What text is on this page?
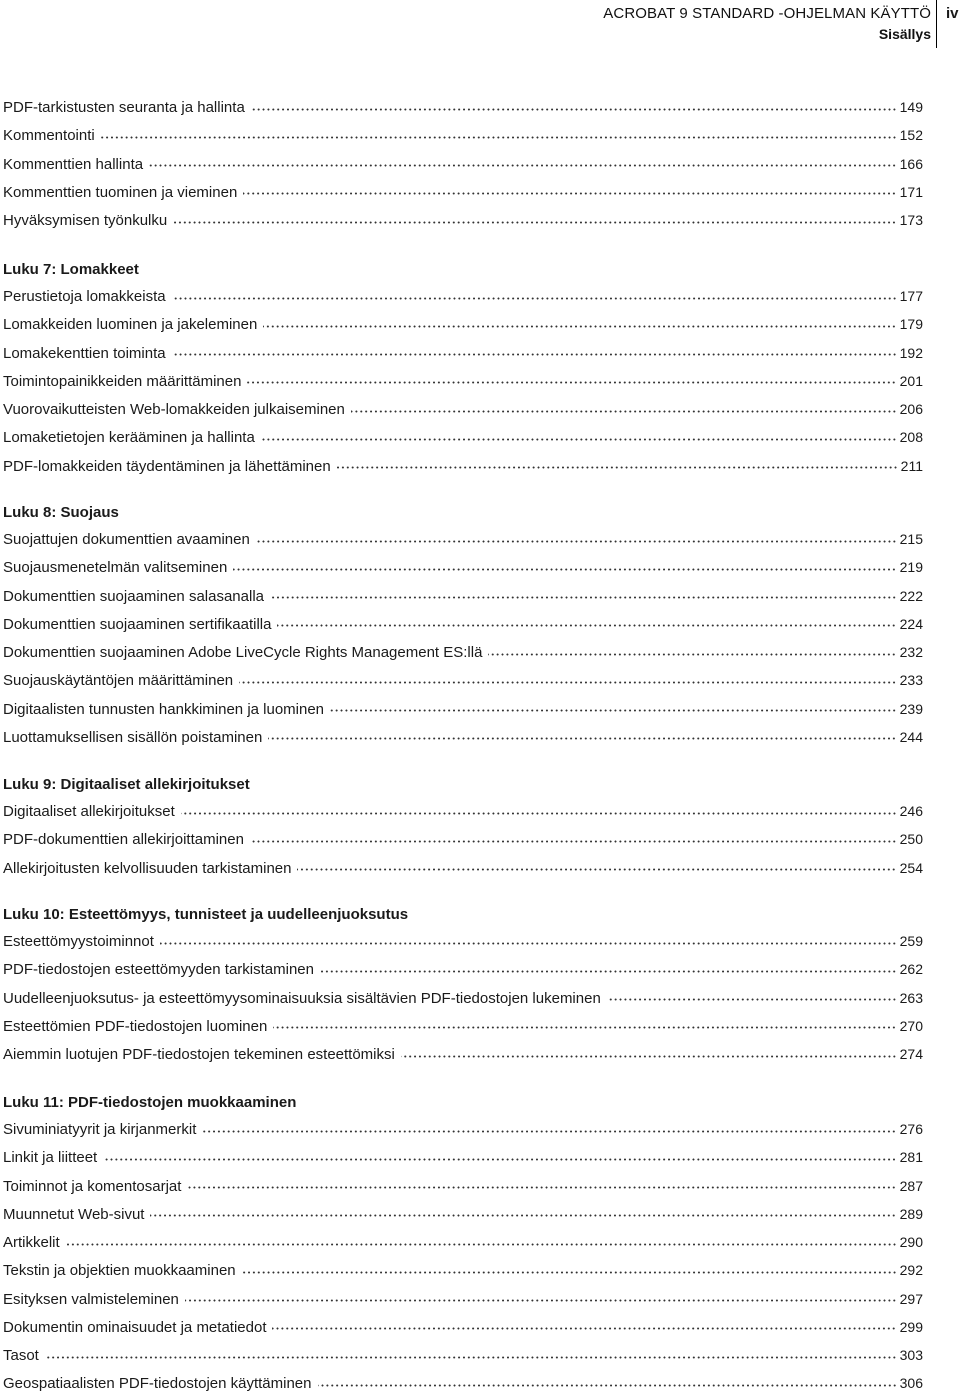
ACROBAT 9 STANDARD -OHJELMAN KÄYTTÖ
Sisällys
iv
PDF-tarkistusten seuranta ja hallinta	149
Kommentointi	152
Kommenttien hallinta	166
Kommenttien tuominen ja vieminen	171
Hyväksymisen työnkulku	173
Luku 7: Lomakkeet
Perustietoja lomakkeista	177
Lomakkeiden luominen ja jakeleminen	179
Lomakekenttien toiminta	192
Toimintopainikkeiden määrittäminen	201
Vuorovaikutteisten Web-lomakkeiden julkaiseminen	206
Lomaketietojen kerääminen ja hallinta	208
PDF-lomakkeiden täydentäminen ja lähettäminen	211
Luku 8: Suojaus
Suojattujen dokumenttien avaaminen	215
Suojausmenetelmän valitseminen	219
Dokumenttien suojaaminen salasanalla	222
Dokumenttien suojaaminen sertifikaatilla	224
Dokumenttien suojaaminen Adobe LiveCycle Rights Management ES:llä	232
Suojauskäytäntöjen määrittäminen	233
Digitaalisten tunnusten hankkiminen ja luominen	239
Luottamuksellisen sisällön poistaminen	244
Luku 9: Digitaaliset allekirjoitukset
Digitaaliset allekirjoitukset	246
PDF-dokumenttien allekirjoittaminen	250
Allekirjoitusten kelvollisuuden tarkistaminen	254
Luku 10: Esteettömyys, tunnisteet ja uudelleenjuoksutus
Esteettömyystoiminnot	259
PDF-tiedostojen esteettömyyden tarkistaminen	262
Uudelleenjuoksutus- ja esteettömyysominaisuuksia sisältävien PDF-tiedostojen lukeminen	263
Esteettömien PDF-tiedostojen luominen	270
Aiemmin luotujen PDF-tiedostojen tekeminen esteettömiksi	274
Luku 11: PDF-tiedostojen muokkaaminen
Sivuminiatyyrit ja kirjanmerkit	276
Linkit ja liitteet	281
Toiminnot ja komentosarjat	287
Muunnetut Web-sivut	289
Artikkelit	290
Tekstin ja objektien muokkaaminen	292
Esityksen valmisteleminen	297
Dokumentin ominaisuudet ja metatiedot	299
Tasot	303
Geospatiaalisten PDF-tiedostojen käyttäminen	306
